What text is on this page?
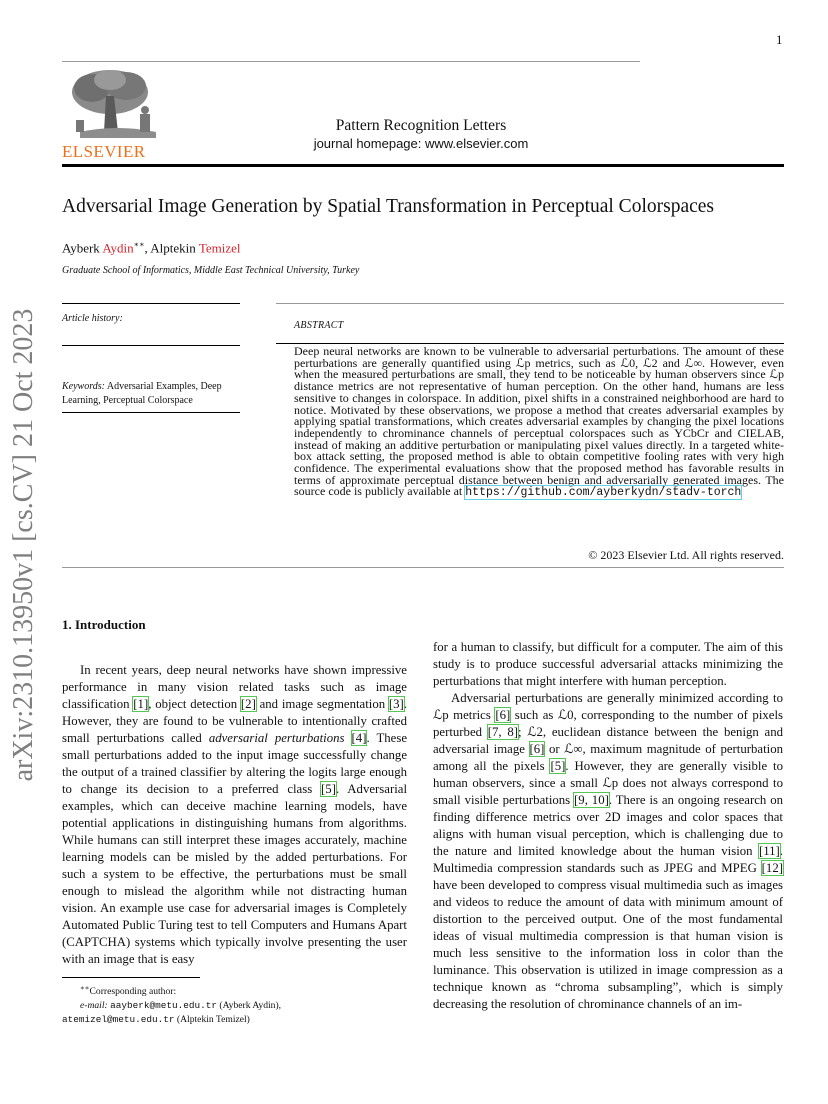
1
arXiv:2310.13950v1 [cs.CV] 21 Oct 2023
ELSEVIER
Pattern Recognition Letters
journal homepage: www.elsevier.com
Adversarial Image Generation by Spatial Transformation in Perceptual Colorspaces
Ayberk Aydin∗∗, Alptekin Temizel
Graduate School of Informatics, Middle East Technical University, Turkey
Article history:
Keywords: Adversarial Examples, Deep Learning, Perceptual Colorspace
ABSTRACT
Deep neural networks are known to be vulnerable to adversarial perturbations. The amount of these perturbations are generally quantified using ℒp metrics, such as ℒ0, ℒ2 and ℒ∞. However, even when the measured perturbations are small, they tend to be noticeable by human observers since ℒp distance metrics are not representative of human perception. On the other hand, humans are less sensitive to changes in colorspace. In addition, pixel shifts in a constrained neighborhood are hard to notice. Motivated by these observations, we propose a method that creates adversarial examples by applying spatial transformations, which creates adversarial examples by changing the pixel locations independently to chrominance channels of perceptual colorspaces such as YCbCr and CIELAB, instead of making an additive perturbation or manipulating pixel values directly. In a targeted white-box attack setting, the proposed method is able to obtain competitive fooling rates with very high confidence. The experimental evaluations show that the proposed method has favorable results in terms of approximate perceptual distance between benign and adversarially generated images. The source code is publicly available at https://github.com/ayberkydn/stadv-torch
© 2023 Elsevier Ltd. All rights reserved.
1. Introduction
In recent years, deep neural networks have shown impressive performance in many vision related tasks such as image classification [1], object detection [2] and image segmentation [3]. However, they are found to be vulnerable to intentionally crafted small perturbations called adversarial perturbations [4]. These small perturbations added to the input image successfully change the output of a trained classifier by altering the logits large enough to change its decision to a preferred class [5]. Adversarial examples, which can deceive machine learning models, have potential applications in distinguishing humans from algorithms. While humans can still interpret these images accurately, machine learning models can be misled by the added perturbations. For such a system to be effective, the perturbations must be small enough to mislead the algorithm while not distracting human vision. An example use case for adversarial images is Completely Automated Public Turing test to tell Computers and Humans Apart (CAPTCHA) systems which typically involve presenting the user with an image that is easy

for a human to classify, but difficult for a computer. The aim of this study is to produce successful adversarial attacks minimizing the perturbations that might interfere with human perception.

Adversarial perturbations are generally minimized according to ℒp metrics [6] such as ℒ0, corresponding to the number of pixels perturbed [7, 8]; ℒ2, euclidean distance between the benign and adversarial image [6] or ℒ∞, maximum magnitude of perturbation among all the pixels [5]. However, they are generally visible to human observers, since a small ℒp does not always correspond to small visible perturbations [9, 10]. There is an ongoing research on finding difference metrics over 2D images and color spaces that aligns with human visual perception, which is challenging due to the nature and limited knowledge about the human vision [11]. Multimedia compression standards such as JPEG and MPEG [12] have been developed to compress visual multimedia such as images and videos to reduce the amount of data with minimum amount of distortion to the perceived output. One of the most fundamental ideas of visual multimedia compression is that human vision is much less sensitive to the information loss in color than the luminance. This observation is utilized in image compression as a technique known as “chroma subsampling”, which is simply decreasing the resolution of chrominance channels of an im-

∗∗Corresponding author:
e-mail: aayberk@metu.edu.tr (Ayberk Aydin),
atemizel@metu.edu.tr (Alptekin Temizel)
